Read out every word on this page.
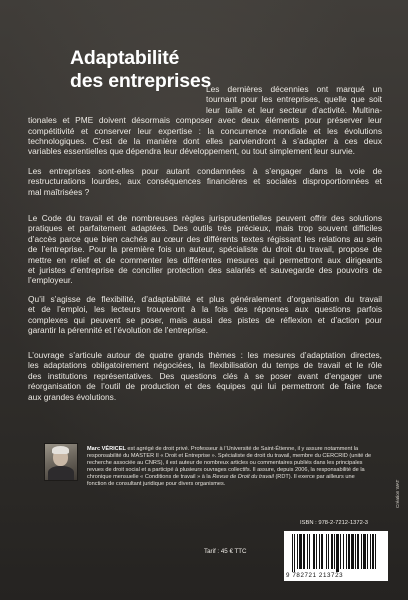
Adaptabilité
des entreprises
Les dernières décennies ont marqué un
tournant pour les entreprises, quelle que soit
leur taille et leur secteur d’activité. Multina-
tionales et PME doivent désormais composer avec deux éléments pour préserver leur
compétitivité et conserver leur expertise : la concurrence mondiale et les évolutions
technologiques. C’est de la manière dont elles parviendront à s’adapter à ces deux
variables essentielles que dépendra leur développement, ou tout simplement leur survie.
Les entreprises sont-elles pour autant condamnées à s’engager dans la voie de
restructurations lourdes, aux conséquences financières et sociales disproportionnées et
mal maîtrisées ?
Le Code du travail et de nombreuses règles jurisprudentielles peuvent offrir des solutions
pratiques et parfaitement adaptées. Des outils très précieux, mais trop souvent difficiles
d’accès parce que bien cachés au cœur des différents textes régissant les relations au sein
de l’entreprise. Pour la première fois un auteur, spécialiste du droit du travail, propose de
mettre en relief et de commenter les différentes mesures qui permettront aux dirigeants
et juristes d’entreprise de concilier protection des salariés et sauvegarde des pouvoirs de
l’employeur.
Qu’il s’agisse de flexibilité, d’adaptabilité et plus généralement d’organisation du travail
et de l’emploi, les lecteurs trouveront à la fois des réponses aux questions parfois
complexes qui peuvent se poser, mais aussi des pistes de réflexion et d’action pour
garantir la pérennité et l’évolution de l’entreprise.
L’ouvrage s’articule autour de quatre grands thèmes : les mesures d’adaptation directes,
les adaptations obligatoirement négociées, la flexibilisation du temps de travail et le rôle
des institutions représentatives. Des questions clés à se poser avant d’engager une
réorganisation de l’outil de production et des équipes qui lui permettront de faire face
aux grandes évolutions.
Marc VÉRICEL est agrégé de droit privé. Professeur à l’Université de Saint-Étienne, il y assure notamment la
responsabilité du MASTER II « Droit et Entreprise ». Spécialiste de droit du travail, membre du CERCRID (unité de
recherche associée au CNRS), il est auteur de nombreux articles ou commentaires publiés dans les principales
revues de droit social et a participé à plusieurs ouvrages collectifs. Il assure, depuis 2006, la responsabilité de la
chronique mensuelle « Conditions de travail » à la Revue de Droit du travail (RDT). Il exerce par ailleurs une
fonction de consultant juridique pour divers organismes.
ISBN : 978-2-7212-1372-3
Tarif : 45 € TTC
Création WAT
9 782721 213723
